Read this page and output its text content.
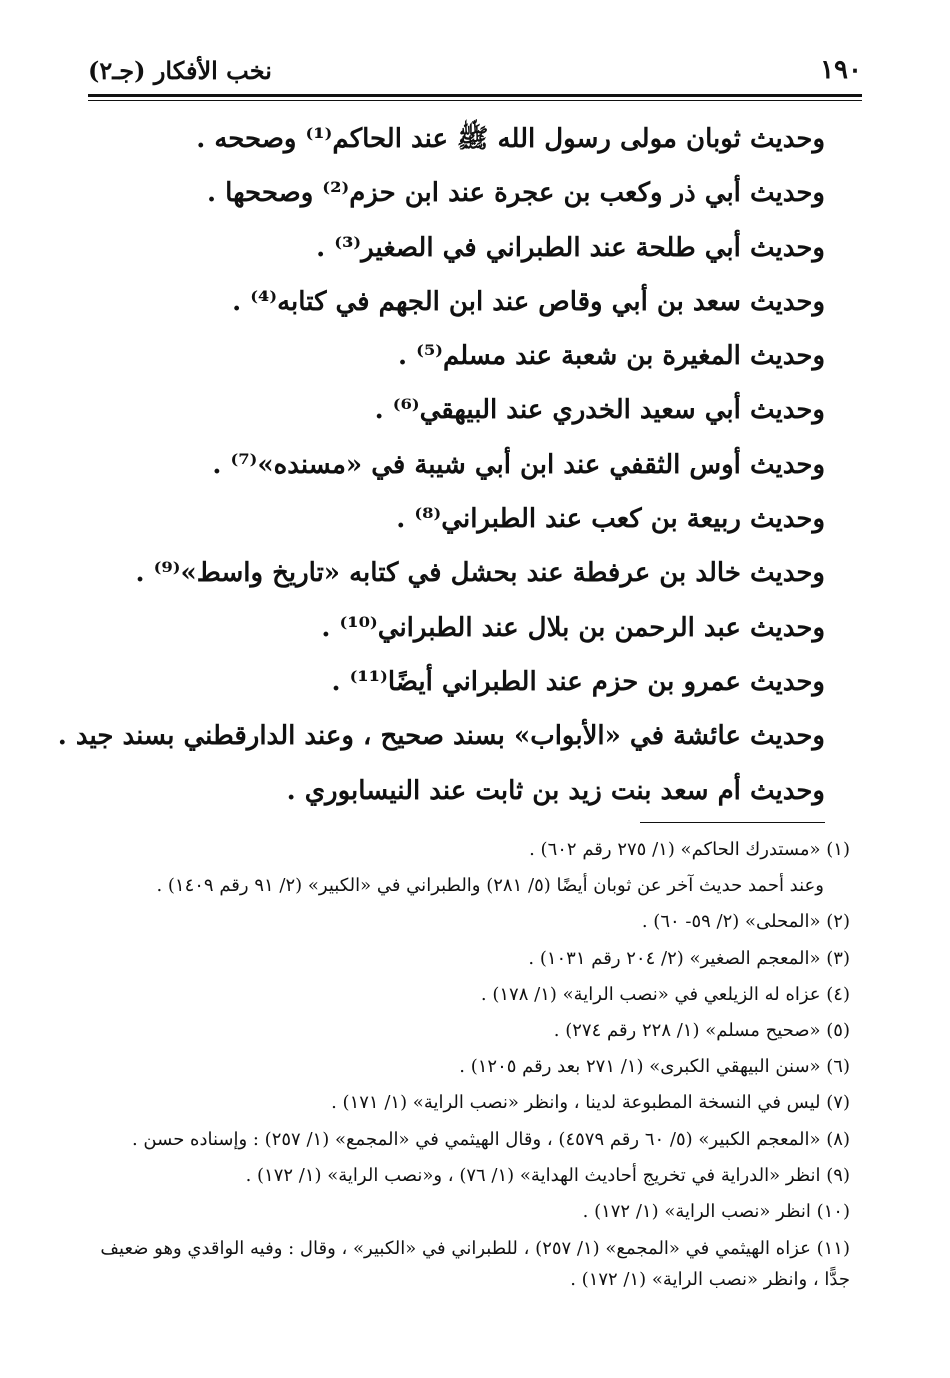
١٩٠
نخب الأفكار (جـ٢)
وحديث ثوبان مولى رسول الله ﷺ عند الحاكم⁽¹⁾ وصححه .
وحديث أبي ذر وكعب بن عجرة عند ابن حزم⁽²⁾ وصححها .
وحديث أبي طلحة عند الطبراني في الصغير⁽³⁾ .
وحديث سعد بن أبي وقاص عند ابن الجهم في كتابه⁽⁴⁾ .
وحديث المغيرة بن شعبة عند مسلم⁽⁵⁾ .
وحديث أبي سعيد الخدري عند البيهقي⁽⁶⁾ .
وحديث أوس الثقفي عند ابن أبي شيبة في «مسنده»⁽⁷⁾ .
وحديث ربيعة بن كعب عند الطبراني⁽⁸⁾ .
وحديث خالد بن عرفطة عند بحشل في كتابه «تاريخ واسط»⁽⁹⁾ .
وحديث عبد الرحمن بن بلال عند الطبراني⁽¹⁰⁾ .
وحديث عمرو بن حزم عند الطبراني أيضًا⁽¹¹⁾ .
وحديث عائشة في «الأبواب» بسند صحيح ، وعند الدارقطني بسند جيد .
وحديث أم سعد بنت زيد بن ثابت عند النيسابوري .
(١) «مستدرك الحاكم» (١/ ٢٧٥ رقم ٦٠٢) .
وعند أحمد حديث آخر عن ثوبان أيضًا (٥/ ٢٨١) والطبراني في «الكبير» (٢/ ٩١ رقم ١٤٠٩) .
(٢) «المحلى» (٢/ ٥٩- ٦٠) .
(٣) «المعجم الصغير» (٢/ ٢٠٤ رقم ١٠٣١) .
(٤) عزاه له الزيلعي في «نصب الراية» (١/ ١٧٨) .
(٥) «صحيح مسلم» (١/ ٢٢٨ رقم ٢٧٤) .
(٦) «سنن البيهقي الكبرى» (١/ ٢٧١ بعد رقم ١٢٠٥) .
(٧) ليس في النسخة المطبوعة لدينا ، وانظر «نصب الراية» (١/ ١٧١) .
(٨) «المعجم الكبير» (٥/ ٦٠ رقم ٤٥٧٩) ، وقال الهيثمي في «المجمع» (١/ ٢٥٧) : وإسناده حسن .
(٩) انظر «الدراية في تخريج أحاديث الهداية» (١/ ٧٦) ، و«نصب الراية» (١/ ١٧٢) .
(١٠) انظر «نصب الراية» (١/ ١٧٢) .
(١١) عزاه الهيثمي في «المجمع» (١/ ٢٥٧) ، للطبراني في «الكبير» ، وقال : وفيه الواقدي وهو ضعيف جدًّا ، وانظر «نصب الراية» (١/ ١٧٢) .
